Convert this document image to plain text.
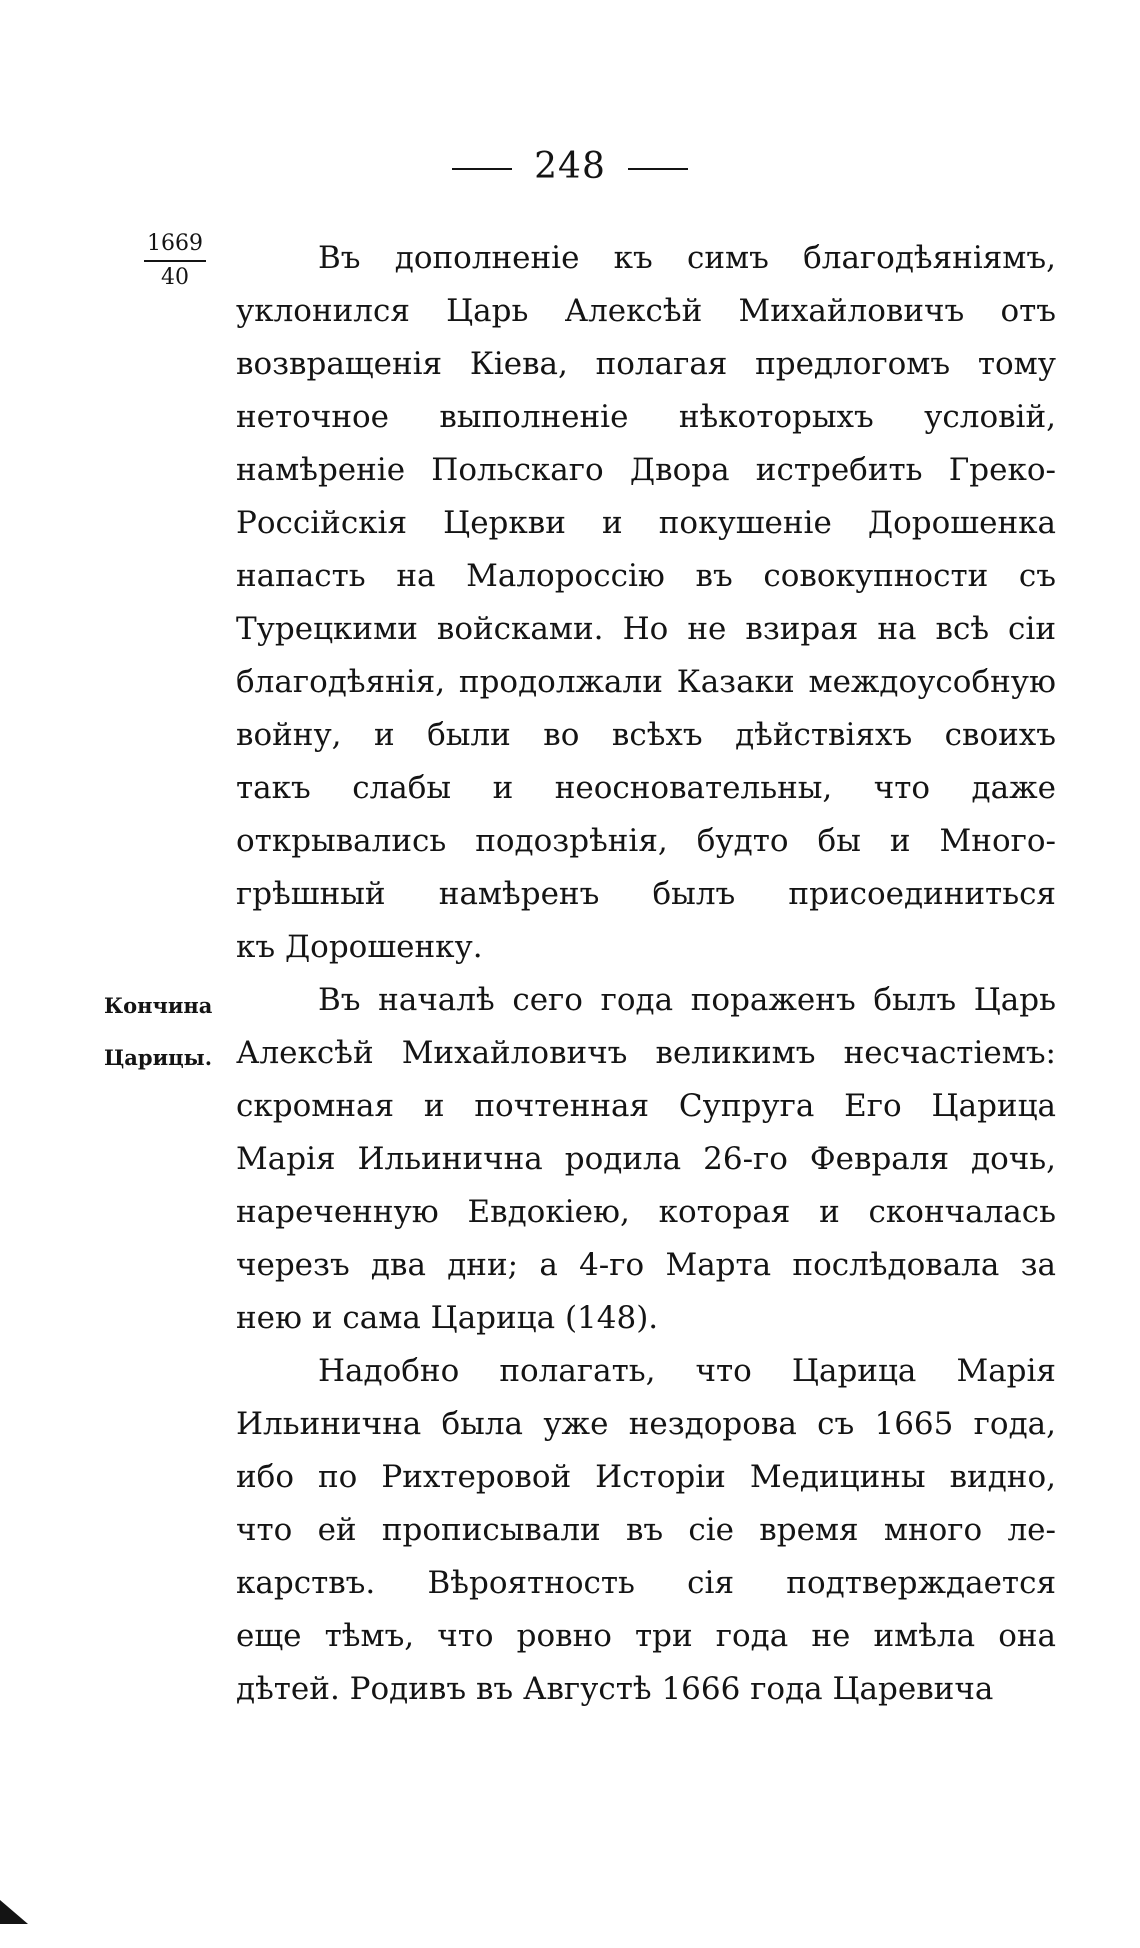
248
$\frac{1669}{40}$
Кончина
Царицы.
Въ дополненіе къ симъ благодѣяніямъ,
уклонился Царь Алексѣй Михайловичъ отъ
возвращенія Кіева, полагая предлогомъ тому
неточное выполненіе нѣкоторыхъ условій,
намѣреніе Польскаго Двора истребить Греко-
Россійскія Церкви и покушеніе Дорошенка
напасть на Малороссію въ совокупности съ
Турецкими войсками. Но не взирая на всѣ сіи
благодѣянія, продолжали Казаки междоусобную
войну, и были во всѣхъ дѣйствіяхъ своихъ
такъ слабы и неосновательны, что даже
открывались подозрѣнія, будто бы и Много-
грѣшный намѣренъ былъ присоединиться
къ Дорошенку.
Въ началѣ сего года пораженъ былъ Царь
Алексѣй Михайловичъ великимъ несчастіемъ:
скромная и почтенная Супруга Его Царица
Марія Ильинична родила 26-го Февраля дочь,
нареченную Евдокіею, которая и скончалась
черезъ два дни; а 4-го Марта послѣдовала за
нею и сама Царица (148).
Надобно полагать, что Царица Марія
Ильинична была уже нездорова съ 1665 года,
ибо по Рихтеровой Исторіи Медицины видно,
что ей прописывали въ сіе время много ле-
карствъ. Вѣроятность сія подтверждается
еще тѣмъ, что ровно три года не имѣла она
дѣтей. Родивъ въ Августѣ 1666 года Царевича
